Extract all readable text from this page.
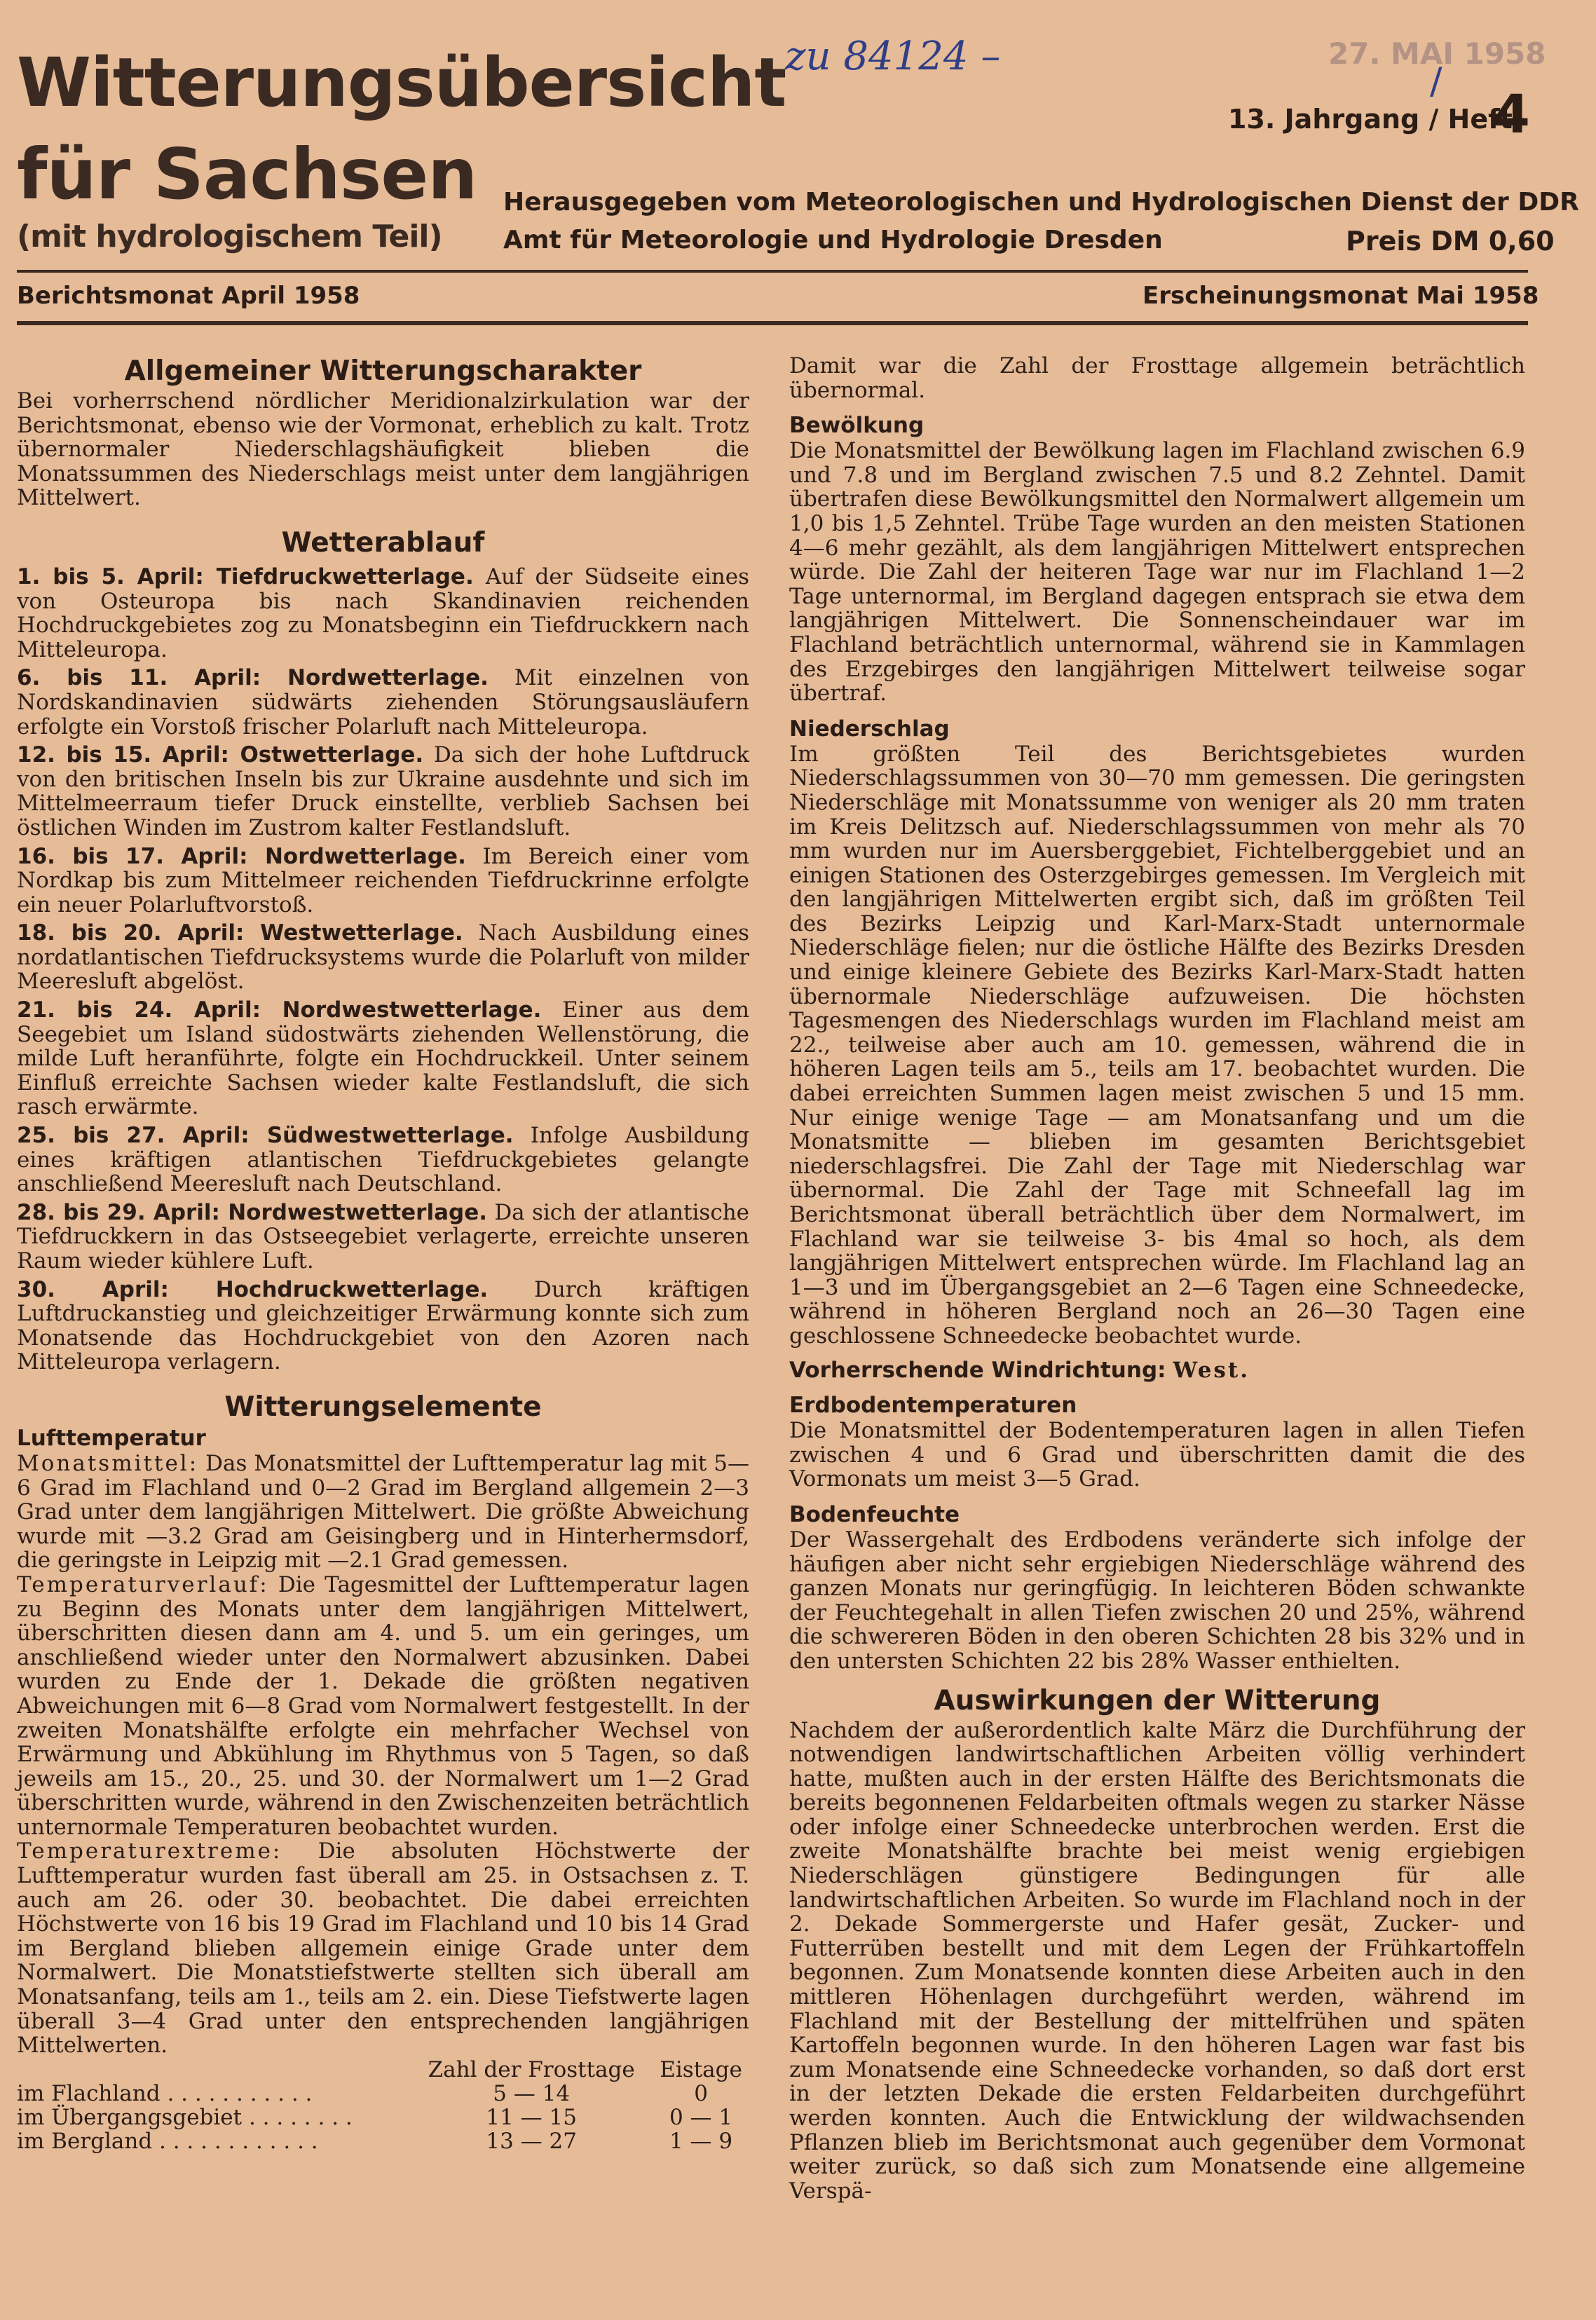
Witterungsübersicht
für Sachsen
(mit hydrologischem Teil)
zu 84124 –	27. MAI 1958
/
13. Jahrgang / Heft
4
Herausgegeben vom Meteorologischen und Hydrologischen Dienst der DDR
Amt für Meteorologie und Hydrologie Dresden	Preis DM 0,60
Berichtsmonat April 1958	Erscheinungsmonat Mai 1958
Allgemeiner Witterungscharakter

Bei vorherrschend nördlicher Meridionalzirkulation war der Berichtsmonat, ebenso wie der Vormonat, erheblich zu kalt. Trotz übernormaler Niederschlagshäufigkeit blieben die Monatssummen des Niederschlags meist unter dem langjährigen Mittelwert.

Wetterablauf

1. bis 5. April: Tiefdruckwetterlage. Auf der Südseite eines von Osteuropa bis nach Skandinavien reichenden Hochdruckgebietes zog zu Monatsbeginn ein Tiefdruckkern nach Mitteleuropa.

6. bis 11. April: Nordwetterlage. Mit einzelnen von Nordskandinavien südwärts ziehenden Störungsausläufern erfolgte ein Vorstoß frischer Polarluft nach Mitteleuropa.

12. bis 15. April: Ostwetterlage. Da sich der hohe Luftdruck von den britischen Inseln bis zur Ukraine ausdehnte und sich im Mittelmeerraum tiefer Druck einstellte, verblieb Sachsen bei östlichen Winden im Zustrom kalter Festlandsluft.

16. bis 17. April: Nordwetterlage. Im Bereich einer vom Nordkap bis zum Mittelmeer reichenden Tiefdruckrinne erfolgte ein neuer Polarluftvorstoß.

18. bis 20. April: Westwetterlage. Nach Ausbildung eines nordatlantischen Tiefdrucksystems wurde die Polarluft von milder Meeresluft abgelöst.

21. bis 24. April: Nordwestwetterlage. Einer aus dem Seegebiet um Island südostwärts ziehenden Wellenstörung, die milde Luft heranführte, folgte ein Hochdruckkeil. Unter seinem Einfluß erreichte Sachsen wieder kalte Festlandsluft, die sich rasch erwärmte.

25. bis 27. April: Südwestwetterlage. Infolge Ausbildung eines kräftigen atlantischen Tiefdruckgebietes gelangte anschließend Meeresluft nach Deutschland.

28. bis 29. April: Nordwestwetterlage. Da sich der atlantische Tiefdruckkern in das Ostseegebiet verlagerte, erreichte unseren Raum wieder kühlere Luft.

30. April: Hochdruckwetterlage. Durch kräftigen Luftdruckanstieg und gleichzeitiger Erwärmung konnte sich zum Monatsende das Hochdruckgebiet von den Azoren nach Mitteleuropa verlagern.

Witterungselemente
Lufttemperatur

Monatsmittel: Das Monatsmittel der Lufttemperatur lag mit 5—6 Grad im Flachland und 0—2 Grad im Bergland allgemein 2—3 Grad unter dem langjährigen Mittelwert. Die größte Abweichung wurde mit —3.2 Grad am Geisingberg und in Hinterhermsdorf, die geringste in Leipzig mit —2.1 Grad gemessen.

Temperaturverlauf: Die Tagesmittel der Lufttemperatur lagen zu Beginn des Monats unter dem langjährigen Mittelwert, überschritten diesen dann am 4. und 5. um ein geringes, um anschließend wieder unter den Normalwert abzusinken. Dabei wurden zu Ende der 1. Dekade die größten negativen Abweichungen mit 6—8 Grad vom Normalwert festgestellt. In der zweiten Monatshälfte erfolgte ein mehrfacher Wechsel von Erwärmung und Abkühlung im Rhythmus von 5 Tagen, so daß jeweils am 15., 20., 25. und 30. der Normalwert um 1—2 Grad überschritten wurde, während in den Zwischenzeiten beträchtlich unternormale Temperaturen beobachtet wurden.

Temperaturextreme: Die absoluten Höchstwerte der Lufttemperatur wurden fast überall am 25. in Ostsachsen z. T. auch am 26. oder 30. beobachtet. Die dabei erreichten Höchstwerte von 16 bis 19 Grad im Flachland und 10 bis 14 Grad im Bergland blieben allgemein einige Grade unter dem Normalwert. Die Monatstiefstwerte stellten sich überall am Monatsanfang, teils am 1., teils am 2. ein. Diese Tiefstwerte lagen überall 3—4 Grad unter den entsprechenden langjährigen Mittelwerten.

	Zahl der Frosttage	Eistage
im Flachland . . . . . . . . . . .	5 — 14	0
im Übergangsgebiet . . . . . . . .	11 — 15	0 — 1
im Bergland . . . . . . . . . . . .	13 — 27	1 — 9

Damit war die Zahl der Frosttage allgemein beträchtlich übernormal.

Bewölkung

Die Monatsmittel der Bewölkung lagen im Flachland zwischen 6.9 und 7.8 und im Bergland zwischen 7.5 und 8.2 Zehntel. Damit übertrafen diese Bewölkungsmittel den Normalwert allgemein um 1,0 bis 1,5 Zehntel. Trübe Tage wurden an den meisten Stationen 4—6 mehr gezählt, als dem langjährigen Mittelwert entsprechen würde. Die Zahl der heiteren Tage war nur im Flachland 1—2 Tage unternormal, im Bergland dagegen entsprach sie etwa dem langjährigen Mittelwert. Die Sonnenscheindauer war im Flachland beträchtlich unternormal, während sie in Kammlagen des Erzgebirges den langjährigen Mittelwert teilweise sogar übertraf.

Niederschlag

Im größten Teil des Berichtsgebietes wurden Niederschlagssummen von 30—70 mm gemessen. Die geringsten Niederschläge mit Monatssumme von weniger als 20 mm traten im Kreis Delitzsch auf. Niederschlagssummen von mehr als 70 mm wurden nur im Auersberggebiet, Fichtelberggebiet und an einigen Stationen des Osterzgebirges gemessen. Im Vergleich mit den langjährigen Mittelwerten ergibt sich, daß im größten Teil des Bezirks Leipzig und Karl-Marx-Stadt unternormale Niederschläge fielen; nur die östliche Hälfte des Bezirks Dresden und einige kleinere Gebiete des Bezirks Karl-Marx-Stadt hatten übernormale Niederschläge aufzuweisen. Die höchsten Tagesmengen des Niederschlags wurden im Flachland meist am 22., teilweise aber auch am 10. gemessen, während die in höheren Lagen teils am 5., teils am 17. beobachtet wurden. Die dabei erreichten Summen lagen meist zwischen 5 und 15 mm. Nur einige wenige Tage — am Monatsanfang und um die Monatsmitte — blieben im gesamten Berichtsgebiet niederschlagsfrei. Die Zahl der Tage mit Niederschlag war übernormal. Die Zahl der Tage mit Schneefall lag im Berichtsmonat überall beträchtlich über dem Normalwert, im Flachland war sie teilweise 3- bis 4mal so hoch, als dem langjährigen Mittelwert entsprechen würde. Im Flachland lag an 1—3 und im Übergangsgebiet an 2—6 Tagen eine Schneedecke, während in höheren Bergland noch an 26—30 Tagen eine geschlossene Schneedecke beobachtet wurde.

Vorherrschende Windrichtung: West.

Erdbodentemperaturen

Die Monatsmittel der Bodentemperaturen lagen in allen Tiefen zwischen 4 und 6 Grad und überschritten damit die des Vormonats um meist 3—5 Grad.

Bodenfeuchte

Der Wassergehalt des Erdbodens veränderte sich infolge der häufigen aber nicht sehr ergiebigen Niederschläge während des ganzen Monats nur geringfügig. In leichteren Böden schwankte der Feuchtegehalt in allen Tiefen zwischen 20 und 25%, während die schwereren Böden in den oberen Schichten 28 bis 32% und in den untersten Schichten 22 bis 28% Wasser enthielten.

Auswirkungen der Witterung

Nachdem der außerordentlich kalte März die Durchführung der notwendigen landwirtschaftlichen Arbeiten völlig verhindert hatte, mußten auch in der ersten Hälfte des Berichtsmonats die bereits begonnenen Feldarbeiten oftmals wegen zu starker Nässe oder infolge einer Schneedecke unterbrochen werden. Erst die zweite Monatshälfte brachte bei meist wenig ergiebigen Niederschlägen günstigere Bedingungen für alle landwirtschaftlichen Arbeiten. So wurde im Flachland noch in der 2. Dekade Sommergerste und Hafer gesät, Zucker- und Futterrüben bestellt und mit dem Legen der Frühkartoffeln begonnen. Zum Monatsende konnten diese Arbeiten auch in den mittleren Höhenlagen durchgeführt werden, während im Flachland mit der Bestellung der mittelfrühen und späten Kartoffeln begonnen wurde. In den höheren Lagen war fast bis zum Monatsende eine Schneedecke vorhanden, so daß dort erst in der letzten Dekade die ersten Feldarbeiten durchgeführt werden konnten. Auch die Entwicklung der wildwachsenden Pflanzen blieb im Berichtsmonat auch gegenüber dem Vormonat weiter zurück, so daß sich zum Monatsende eine allgemeine Verspä-
